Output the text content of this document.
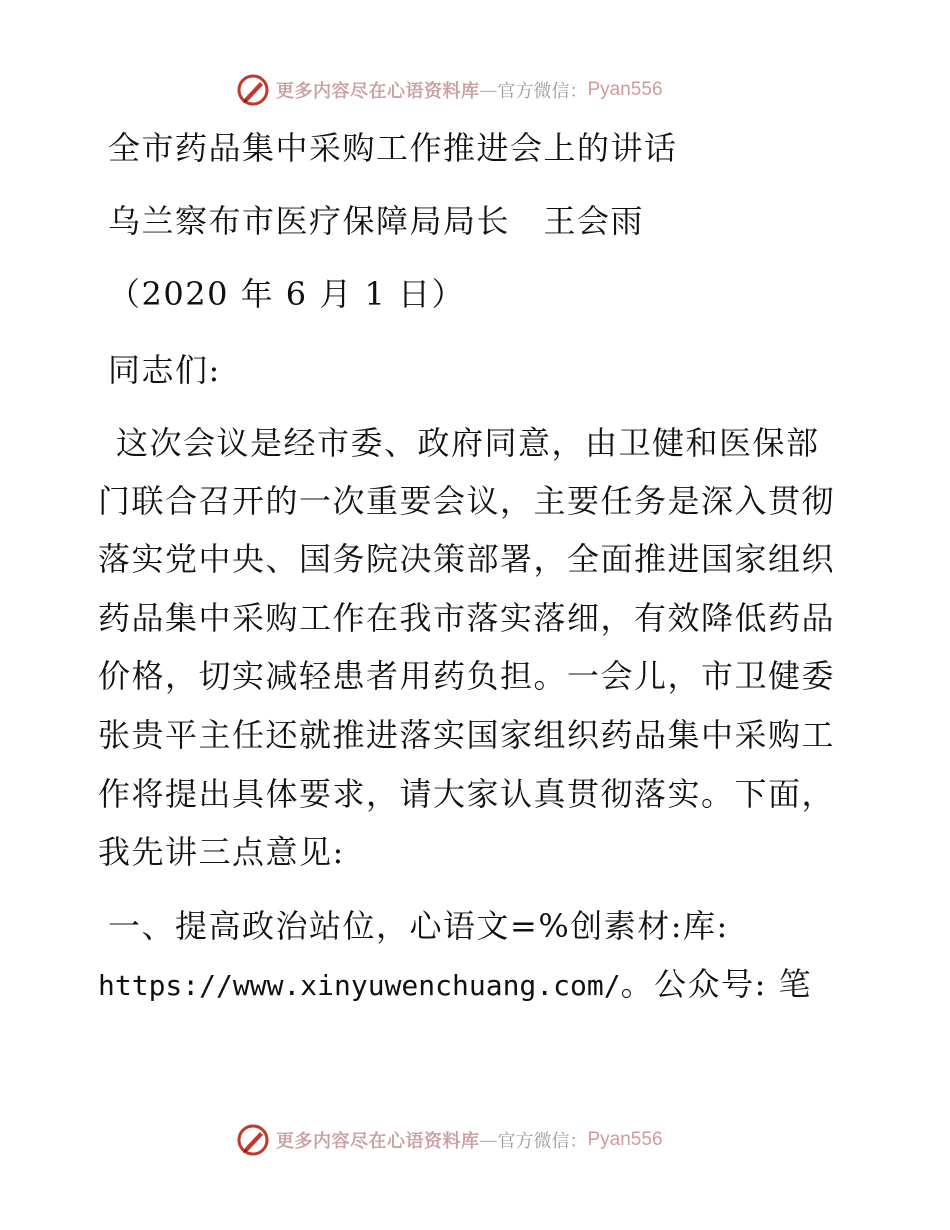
更多内容尽在心语资料库 — 官方微信： Pyan556
全市药品集中采购工作推进会上的讲话
乌兰察布市医疗保障局局长　王会雨
（2020 年 6 月 1 日）
同志们:
这次会议是经市委、政府同意，由卫健和医保部
门联合召开的一次重要会议，主要任务是深入贯彻
落实党中央、国务院决策部署，全面推进国家组织
药品集中采购工作在我市落实落细，有效降低药品
价格，切实减轻患者用药负担。一会儿，市卫健委
张贵平主任还就推进落实国家组织药品集中采购工
作将提出具体要求，请大家认真贯彻落实。下面，
我先讲三点意见:
一、提高政治站位，心语文=%创素材:库:
https://www.xinyuwenchuang.com/。公众号: 笔
更多内容尽在心语资料库 — 官方微信： Pyan556
